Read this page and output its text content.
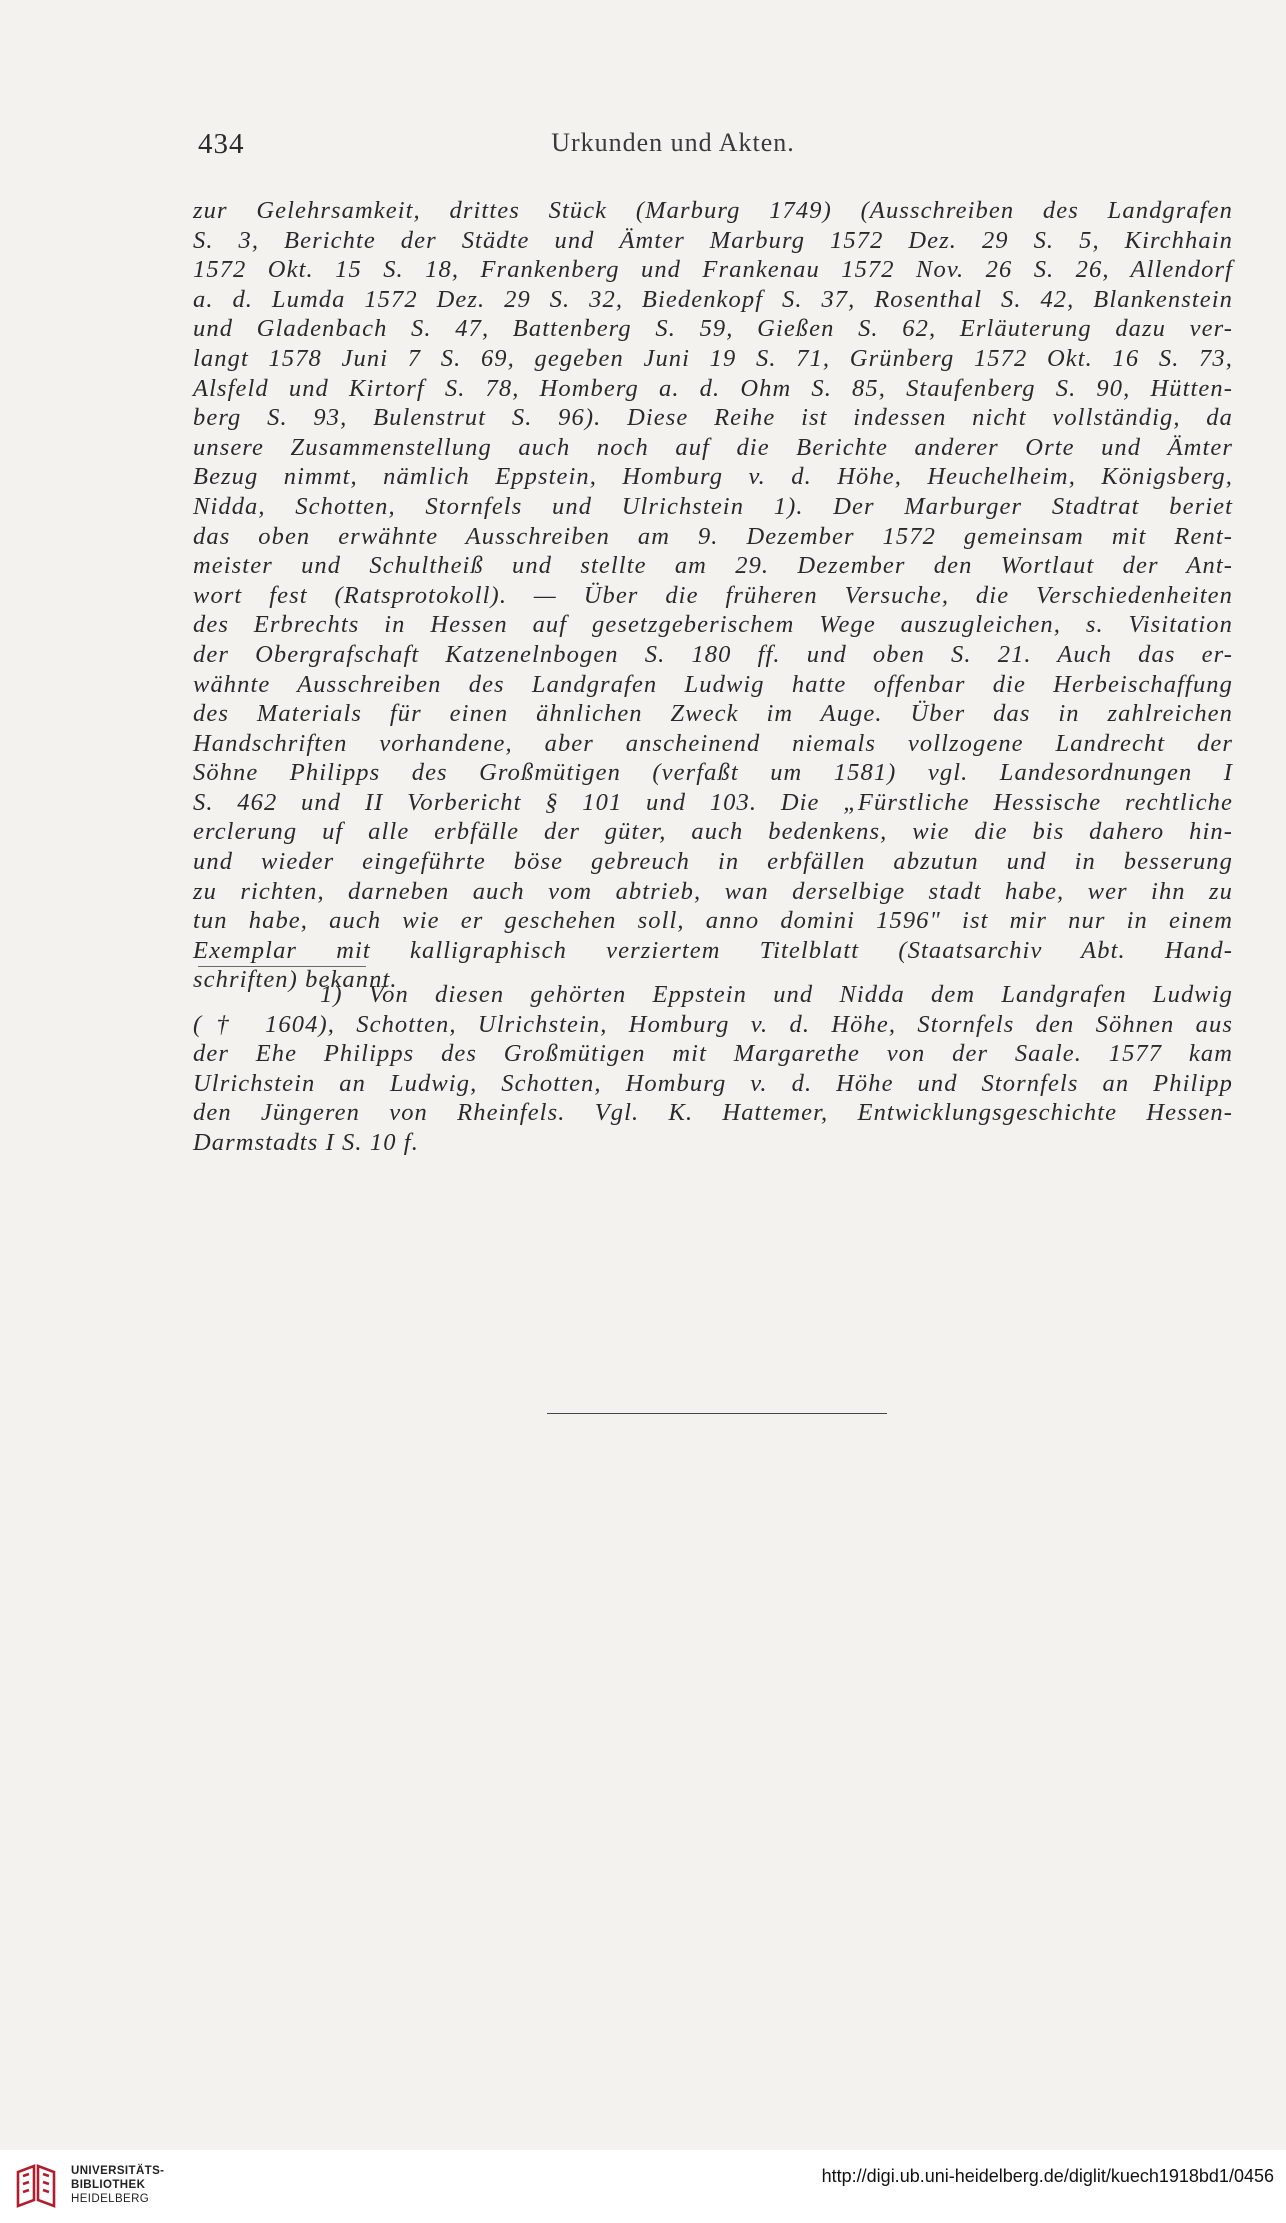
434	Urkunden und Akten.
zur Gelehrsamkeit, drittes Stück (Marburg 1749) (Ausschreiben des Landgrafen
S. 3, Berichte der Städte und Ämter Marburg 1572 Dez. 29 S. 5, Kirchhain
1572 Okt. 15 S. 18, Frankenberg und Frankenau 1572 Nov. 26 S. 26, Allendorf
a. d. Lumda 1572 Dez. 29 S. 32, Biedenkopf S. 37, Rosenthal S. 42, Blankenstein
und Gladenbach S. 47, Battenberg S. 59, Gießen S. 62, Erläuterung dazu ver-
langt 1578 Juni 7 S. 69, gegeben Juni 19 S. 71, Grünberg 1572 Okt. 16 S. 73,
Alsfeld und Kirtorf S. 78, Homberg a. d. Ohm S. 85, Staufenberg S. 90, Hütten-
berg S. 93, Bulenstrut S. 96). Diese Reihe ist indessen nicht vollständig, da
unsere Zusammenstellung auch noch auf die Berichte anderer Orte und Ämter
Bezug nimmt, nämlich Eppstein, Homburg v. d. Höhe, Heuchelheim, Königsberg,
Nidda, Schotten, Stornfels und Ulrichstein 1). Der Marburger Stadtrat beriet
das oben erwähnte Ausschreiben am 9. Dezember 1572 gemeinsam mit Rent-
meister und Schultheiß und stellte am 29. Dezember den Wortlaut der Ant-
wort fest (Ratsprotokoll). — Über die früheren Versuche, die Verschiedenheiten
des Erbrechts in Hessen auf gesetzgeberischem Wege auszugleichen, s. Visitation
der Obergrafschaft Katzenelnbogen S. 180 ff. und oben S. 21. Auch das er-
wähnte Ausschreiben des Landgrafen Ludwig hatte offenbar die Herbeischaffung
des Materials für einen ähnlichen Zweck im Auge. Über das in zahlreichen
Handschriften vorhandene, aber anscheinend niemals vollzogene Landrecht der
Söhne Philipps des Großmütigen (verfaßt um 1581) vgl. Landesordnungen I
S. 462 und II Vorbericht § 101 und 103. Die „Fürstliche Hessische rechtliche
erclerung uf alle erbfälle der güter, auch bedenkens, wie die bis dahero hin-
und wieder eingeführte böse gebreuch in erbfällen abzutun und in besserung
zu richten, darneben auch vom abtrieb, wan derselbige stadt habe, wer ihn zu
tun habe, auch wie er geschehen soll, anno domini 1596" ist mir nur in einem
Exemplar mit kalligraphisch verziertem Titelblatt (Staatsarchiv Abt. Hand-
schriften) bekannt.
1) Von diesen gehörten Eppstein und Nidda dem Landgrafen Ludwig
(† 1604), Schotten, Ulrichstein, Homburg v. d. Höhe, Stornfels den Söhnen aus
der Ehe Philipps des Großmütigen mit Margarethe von der Saale. 1577 kam
Ulrichstein an Ludwig, Schotten, Homburg v. d. Höhe und Stornfels an Philipp
den Jüngeren von Rheinfels. Vgl. K. Hattemer, Entwicklungsgeschichte Hessen-
Darmstadts I S. 10 f.
UNIVERSITÄTS-
BIBLIOTHEK
HEIDELBERG
http://digi.ub.uni-heidelberg.de/diglit/kuech1918bd1/0456
